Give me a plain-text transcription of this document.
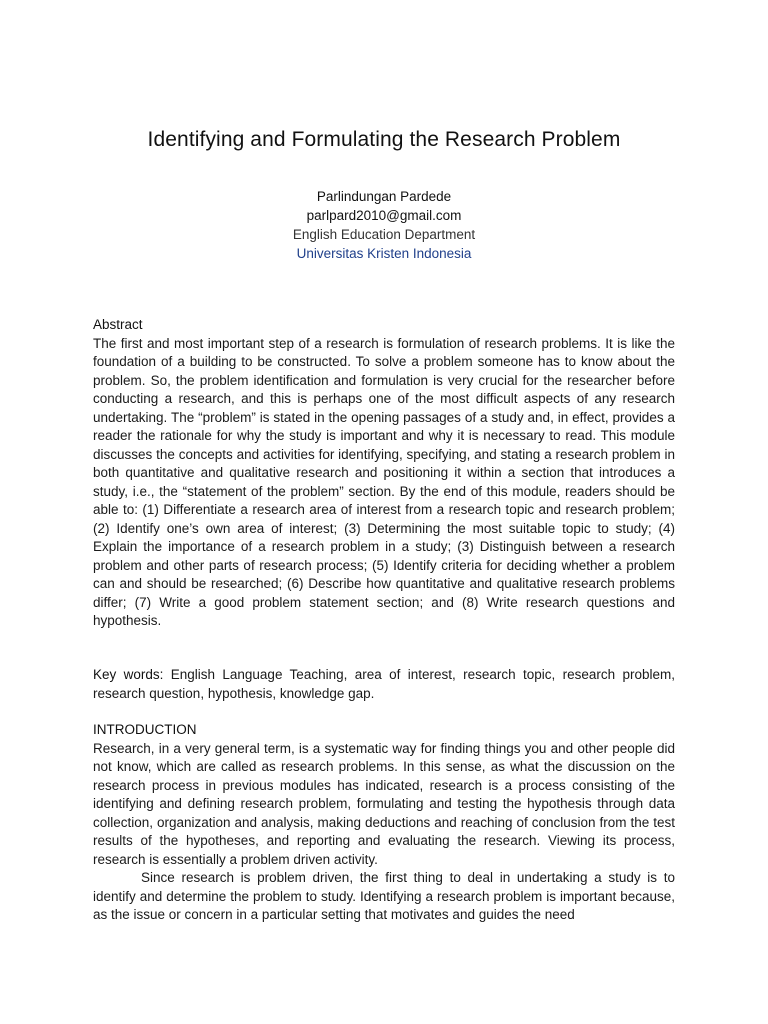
Identifying and Formulating the Research Problem
Parlindungan Pardede
parlpard2010@gmail.com
English Education Department
Universitas Kristen Indonesia
Abstract

The first and most important step of a research is formulation of research problems. It is like the foundation of a building to be constructed. To solve a problem someone has to know about the problem. So, the problem identification and formulation is very crucial for the researcher before conducting a research, and this is perhaps one of the most difficult aspects of any research undertaking. The “problem” is stated in the opening passages of a study and, in effect, provides a reader the rationale for why the study is important and why it is necessary to read. This module discusses the concepts and activities for identifying, specifying, and stating a research problem in both quantitative and qualitative research and positioning it within a section that introduces a study, i.e., the “statement of the problem” section. By the end of this module, readers should be able to: (1) Differentiate a research area of interest from a research topic and research problem; (2) Identify one’s own area of interest; (3) Determining the most suitable topic to study; (4) Explain the importance of a research problem in a study; (3) Distinguish between a research problem and other parts of research process; (5) Identify criteria for deciding whether a problem can and should be researched; (6) Describe how quantitative and qualitative research problems differ; (7) Write a good problem statement section; and (8) Write research questions and hypothesis.

Key words: English Language Teaching, area of interest, research topic, research problem, research question, hypothesis, knowledge gap.

INTRODUCTION

Research, in a very general term, is a systematic way for finding things you and other people did not know, which are called as research problems. In this sense, as what the discussion on the research process in previous modules has indicated, research is a process consisting of the identifying and defining research problem, formulating and testing the hypothesis through data collection, organization and analysis, making deductions and reaching of conclusion from the test results of the hypotheses, and reporting and evaluating the research. Viewing its process, research is essentially a problem driven activity.

Since research is problem driven, the first thing to deal in undertaking a study is to identify and determine the problem to study. Identifying a research problem is important because, as the issue or concern in a particular setting that motivates and guides the need
